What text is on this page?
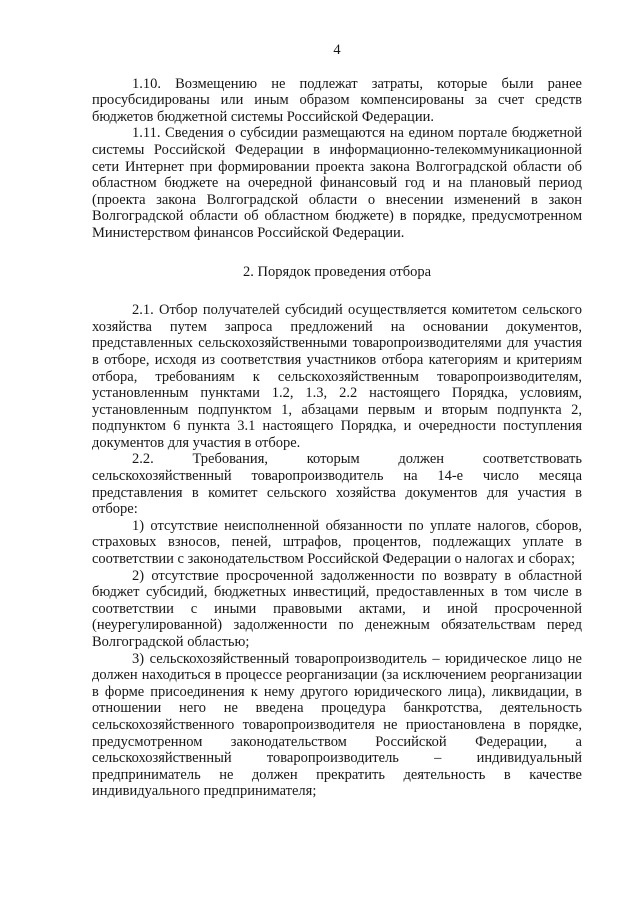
4

1.10. Возмещению не подлежат затраты, которые были ранее просубсидированы или иным образом компенсированы за счет средств бюджетов бюджетной системы Российской Федерации.

1.11. Сведения о субсидии размещаются на едином портале бюджетной системы Российской Федерации в информационно-телекоммуникационной сети Интернет при формировании проекта закона Волгоградской области об областном бюджете на очередной финансовый год и на плановый период (проекта закона Волгоградской области о внесении изменений в закон Волгоградской области об областном бюджете) в порядке, предусмотренном Министерством финансов Российской Федерации.

2. Порядок проведения отбора

2.1. Отбор получателей субсидий осуществляется комитетом сельского хозяйства путем запроса предложений на основании документов, представленных сельскохозяйственными товаропроизводителями для участия в отборе, исходя из соответствия участников отбора категориям и критериям отбора, требованиям к сельскохозяйственным товаропроизводителям, установленным пунктами 1.2, 1.3, 2.2 настоящего Порядка, условиям, установленным подпунктом 1, абзацами первым и вторым подпункта 2, подпунктом 6 пункта 3.1 настоящего Порядка, и очередности поступления документов для участия в отборе.

2.2. Требования, которым должен соответствовать сельскохозяйственный товаропроизводитель на 14-е число месяца представления в комитет сельского хозяйства документов для участия в отборе:

1) отсутствие неисполненной обязанности по уплате налогов, сборов, страховых взносов, пеней, штрафов, процентов, подлежащих уплате в соответствии с законодательством Российской Федерации о налогах и сборах;

2) отсутствие просроченной задолженности по возврату в областной бюджет субсидий, бюджетных инвестиций, предоставленных в том числе в соответствии с иными правовыми актами, и иной просроченной (неурегулированной) задолженности по денежным обязательствам перед Волгоградской областью;

3) сельскохозяйственный товаропроизводитель – юридическое лицо не должен находиться в процессе реорганизации (за исключением реорганизации в форме присоединения к нему другого юридического лица), ликвидации, в отношении него не введена процедура банкротства, деятельность сельскохозяйственного товаропроизводителя не приостановлена в порядке, предусмотренном законодательством Российской Федерации, а сельскохозяйственный товаропроизводитель – индивидуальный предприниматель не должен прекратить деятельность в качестве индивидуального предпринимателя;
